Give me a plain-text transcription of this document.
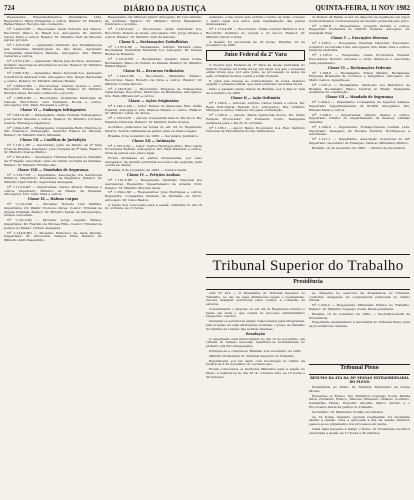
724	DIÁRIO DA JUSTIÇA	QUINTA-FEIRA, 11 NOV 1982

Requerente: Empreendimentos Imobiliários Ltda. Requeridos: Vânia Fernandes e outros. Relator: Sr. Ministro Rafael Mayer. Recurso não conhecido.

Nº 1.062-0-PR — Recorrente: Sueli Ferreira dos Santos. Recorrido: Banco do Brasil S.A. Advogados: Dr. Antônio Carlos Pinto e outros. Relator: Sr. Ministro Neri da Silveira. Agravo provido.

Nº 1.070-0-SP — Agravante: Sindicato dos Trabalhadores nas Indústrias Metalúrgicas de São Paulo. Agravada: Companhia Siderúrgica Paulista. Advogados: Drs. Walter Ceneviva e outros.

Nº 1.072-2-SP — Agravante: Maria José da Silva. Agravado: Instituto Nacional de Previdência Social. Relator: Sr. Ministro Oscar Corrêa.

Nº 1.080-3-RJ — Agravante: Banco Nacional S.A. Agravada: Construtora Andrade Ltda. Advogados: Drs. Sérgio Bermudes e outros. Relator: Sr. Ministro Alfredo Buzaid.

Nº 1.084-6-MG — Recorrentes: Antônio Gomes e outro. Recorrido: Estado de Minas Gerais. Relator: Sr. Ministro Moreira Alves. Recurso conhecido e provido.

Nº 1.088-9-RS — Recorrente: Prefeitura Municipal de Canoas. Recorridos: Luiz Fernando Rocha e outros. Advogados: Drs. Paulo Brossard e outros.

Classe VI — Embargos Infringentes

Nº 1.091-0-SP — Embargante: União Federal. Embargados: José Carlos Teixeira e outros. Relator: Sr. Ministro Cordeiro Guerra. Embargos rejeitados.

Nº 1.094-2-PE — Embargante: Companhia Hidro Elétrica do São Francisco. Embargado: Severino Ramos de Oliveira. Relator: Sr. Ministro Décio Miranda.

Classe VII — Conflitos de Jurisdição

Nº 1.101-1-DF — Suscitante: Juízo de Direito da 2ª Vara Cível de Brasília. Suscitado: Juízo Federal da 3ª Vara. Relator: Sr. Ministro Soares Muñoz.

Nº 1.103-4-BA — Suscitante: Tribunal Regional do Trabalho da 5ª Região. Suscitado: Juízo de Direito de Feira de Santana. Relator: Sr. Ministro Firmino Paz.

Classe VIII — Mandados de Segurança

Nº 1.110-7-DF — Impetrante: Associação dos Servidores Públicos. Impetrado: Presidente da República. Relator: Sr. Ministro Djaci Falcão. Segurança denegada.

Nº 1.112-0-DF — Impetrantes: Carlos Alberto Menezes e outros. Impetrado: Ministro de Estado da Fazenda. Advogados: Drs. Célio Silva e outros.

Classe IX — Habeas Corpus

Nº 1.119-2-SP — Paciente: Roberto Luiz Martins. Impetrante: Dr. Waldir Troncoso Peres. Coator: Tribunal de Alçada Criminal. Relator: Sr. Ministro Xavier de Albuquerque. Ordem concedida.

Nº 1.121-5-RJ — Paciente: Jorge Augusto Ramos. Impetrante: Dr. Evaristo de Moraes Filho. Coator: Tribunal de Justiça do Estado. Ordem denegada.

Nº 1.124-8-MG — Paciente: Francisco de Assis Pereira. Impetrante: Dr. Ariosvaldo Campos Pires. Relator: Sr. Ministro Aldir Passarinho.

Requerente: Dr. Marcelo Júnior. Advogado: Dr. Luiz Antônio de Andrade. Relator: Sr. Ministro Clóvis Ramalhete. Publicado o acórdão.

Nº 1.130-3-GO — Recorrente: Goiás Industrial S.A. Recorrido: Estado de Goiás. Advogados: Drs. Jorge Ulisses e outros. Relator: Sr. Ministro Néri da Silveira.

Classe X — Reclamações Trabalhistas

Nº 1.133-6-SP — Reclamante: Antônio Ferreira Lima. Reclamada: Indústrias Reunidas S.A. Advogado: Dr. Ulisses Riedel de Resende.

Nº 1.135-9-PR — Reclamante: Geraldo Alves Costa. Reclamado: Banco do Estado do Paraná. Relator: Sr. Ministro Rafael Mayer.

Classe XI — Recursos Ordinários

Nº 1.140-5-RS — Recorrente: Ministério Público. Recorridos: Paulo Roberto da Silva e outros. Relator: Sr. Ministro Cunha Peixoto.

Nº 1.142-8-SC — Recorrente: Empresa de Transportes Catarinense. Recorrido: Município de Blumenau. Advogados: Drs. Hélio Bittencourt e outros.

Classe — Ações Originárias

Nº 1.146-1-AM — Autor: Estado do Amazonas. Réu: União Federal. Advogados: Drs. Manoel Ribeiro e outros. Relator: Sr. Ministro Leitão de Abreu.

Nº 1.150-0-DF — Autora: Companhia Vale do Rio Doce. Ré: Fazenda Nacional. Relator: Sr. Ministro Pedro Soares.

Acórdãos publicados na forma do art. 93 do Regimento Interno, ficando intimadas as partes para os efeitos legais.

Brasília, 8 de novembro de 1982. — Secretário Judiciário.

Classe XII — Intimação

Nº 1.155-2-RJ — Autor: Carlos Henrique Pinto. Réu: Caixa Econômica Federal. Advogados: Drs. Raul Machado e outros. Vista às partes pelo prazo legal.

Ficam intimadas as partes interessadas, por seus advogados, da decisão proferida nos autos em epígrafe, para os fins de direito.

Brasília, 9 de novembro de 1982. — Diretor-Geral.

Classe IV — Petições Avulsas

Nº 1.161-9-DF — Requerente: Sindicato Nacional dos Aeronautas. Requerido: Departamento de Aviação Civil. Relator: Sr. Ministro Moreira Alves.

Nº 1.164-1-SP — Requerentes: José Rodrigues e outros. Requerida: Companhia Paulista de Estradas de Ferro. Advogado: Dr. Celso Bastos.

A Seção fica convocada para a sessão ordinária do dia 16 do corrente, às 13 horas.

Assinado, e não tendo sido exibido o termo de vista, concedo o prazo legal nos autos para manifestação das partes interessadas.

Nº 1.170-4-PE — Recorrente: Usina Central Barreiros S.A. Recorrido: Instituto do Açúcar e do Álcool. Relator: Sr. Ministro Oscar Corrêa.

A Sessão foi encerrada às 18 horas. Brasília, 10 de novembro de 1982.

Juízo Federal da 2ª Vara

O Doutor Juiz Federal da 2ª Vara da Seção Judiciária do Distrito Federal, na forma da lei, faz saber aos que o presente edital virem que, por este Juízo, se processam os autos da ação ordinária movida contra a União Federal.

E, para que chegue ao conhecimento de todos, mandou expedir o presente edital, que será publicado na forma da lei.

Dado e passado nesta cidade de Brasília, aos 5 dias do mês de novembro de 1982.

Classe II — Ação Ordinária

Nº 1.180-6 — Autores: Antônio Carlos Vieira e outros. Ré: Rede Ferroviária Federal S.A. Advogados: Drs. Gilberto Marques e outros. Vista ao réu para contestação.

Nº 1.182-9 — Autora: Maria Aparecida Souza. Ré: União Federal. Procurador: Dr. Fernando Couto. Designada audiência para o dia 25 do corrente.

Nº 1.185-1 — Autor: Banco Econômico S.A. Réu: Instituto Nacional de Previdência Social. Intimem-se.

do Estado da Bahia; a teor do disposto na legislação em vigor, ficam intimados os interessados da decisão proferida pelo Juízo.

Nº 1.190-8 — Requerentes: Joaquim Pereira e outros. Requerida: Prefeitura do Distrito Federal. Advogado: Dr. Sebastião Reis.

Classe V — Execuções Diversas

Nº 1.193-0 — Exequente: Fazenda Nacional. Executado: Comércio de Cereais Ltda. Advogados: Drs. Paulo Lins e outros. Penhora efetivada.

Nº 1.195-3 — Exequente: Caixa Econômica Federal. Executados: Roberto Antunes e outra. Intime-se o executado para pagamento.

Classe VI — Reclamações Federais

Nº 1.198-6 — Reclamante: Edson Batista. Reclamada: Empresa Brasileira de Correios e Telégrafos. Advogado: Dr. Mário Lemos. Aguarde-se.

Nº 1.201-0 — Reclamante: Sindicato dos Bancários de Brasília. Reclamado: Banco Central do Brasil. Designada audiência de conciliação.

Classe VII — Mandado de Segurança

Nº 1.204-2 — Impetrante: Companhia de Seguros Aliança. Impetrado: Superintendente da SUSEP. Advogados: Drs. Rubens Mello e outros.

Nº 1.206-5 — Impetrantes: Alberto Santos e outros. Impetrado: Diretor do Departamento de Pessoal. Liminar deferida.

Nº 1.209-8 — Impetrante: Transportadora Central Ltda. Impetrado: Delegado da Receita Federal. Notifique-se a autoridade.

Nº 1.211-1 — Impetrante: Associação Comercial do DF. Impetrado: Secretário de Finanças. Vista ao Ministério Público.

Brasília, 10 de novembro de 1982. — Diretor de Secretaria.

Tribunal Superior do Trabalho
Presidência

ATO Nº 412 — O Presidente do Tribunal Superior do Trabalho, no uso de suas atribuições legais e regimentais, resolve designar servidores para compor a comissão de estudos.

Considerando o disposto no art. 42 do Regimento Interno e tendo em vista o que consta do processo administrativo respectivo, resolve:

Designar os servidores abaixo relacionados para integrarem, sem prejuízo de suas atribuições normais, o grupo de trabalho incumbido da revisão das normas internas.

Resolução

O expediente será interrompido no dia 15 de novembro, em virtude do feriado nacional, reabrindo-se normalmente no primeiro dia útil subsequente.

Publique-se e cumpra-se. Brasília, 9 de novembro de 1982.

Ministro Presidente do Tribunal Superior do Trabalho.

Republicado por ter saído com incorreção no Diário da Justiça de 3 de novembro do corrente ano.

Ficam convocados os Senhores Ministros para a sessão do Pleno, a realizar-se no dia 18 do corrente mês, às 13 horas e 30 minutos.

ao dirigente no exercício da Presidência do Tribunal, conforme delegação de competência publicada no Diário Oficial.

Nº 1.220-2 — Requerente: Ministério Público do Trabalho. Relator: Sr. Ministro Coqueijo Costa. Pauta publicada.

Brasília, 10 de novembro de 1982. — Secretário-Geral da Presidência.

Expediente encaminhado à Secretaria do Tribunal Pleno para as providências cabíveis.

Tribunal Pleno

RESUMO DA ATA DA 38ª SESSÃO EXTRAORDINÁRIA DO PLENO

Presidência do Exmo. Sr. Ministro Raymundo de Souza Moura.

Presentes os Exmos. Srs. Ministros Coqueijo Costa, Barata Silva, Fernando Franco, Marcelo Pimentel, Orlando Coutinho, Guimarães Falcão, Expedito Amorim, Marco Aurélio e o Procurador-Geral da Justiça do Trabalho.

Secretário: Dr. Raimundo Nonato de Oliveira.

Às 14 horas, havendo quorum regimental, foi declarada aberta a sessão. Lida e aprovada a ata da sessão anterior, passou-se ao julgamento dos processos em pauta.

Nada mais havendo a tratar, o Exmo. Sr. Presidente declarou encerrada a sessão às 17 horas e 45 minutos.
